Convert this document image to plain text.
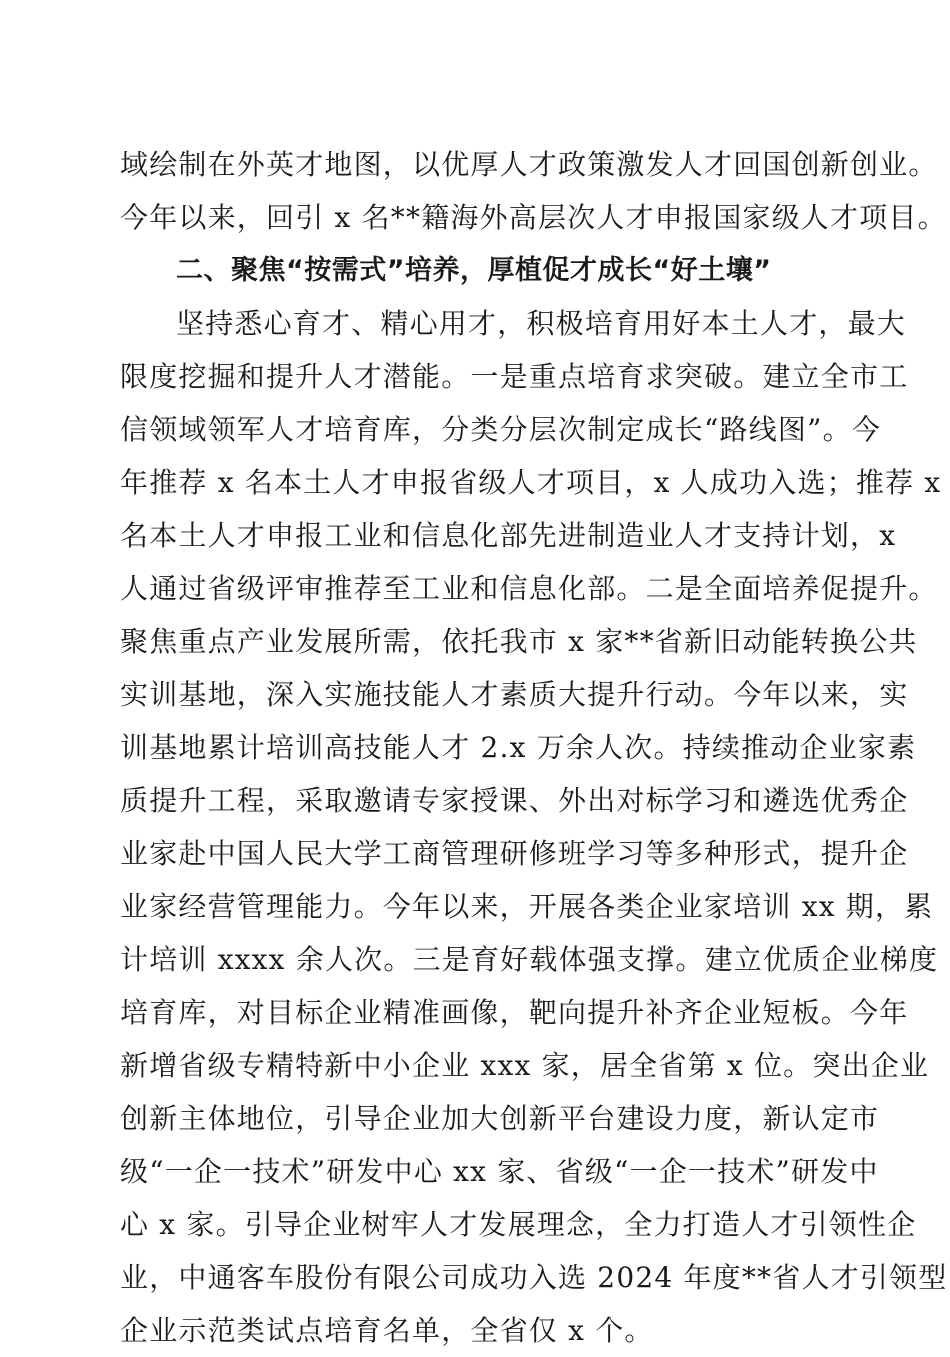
域绘制在外英才地图，以优厚人才政策激发人才回国创新创业。
今年以来，回引 x 名**籍海外高层次人才申报国家级人才项目。
二、聚焦“按需式”培养，厚植促才成长“好土壤”
坚持悉心育才、精心用才，积极培育用好本土人才，最大
限度挖掘和提升人才潜能。一是重点培育求突破。建立全市工
信领域领军人才培育库，分类分层次制定成长“路线图”。今
年推荐 x 名本土人才申报省级人才项目，x 人成功入选；推荐 x
名本土人才申报工业和信息化部先进制造业人才支持计划，x
人通过省级评审推荐至工业和信息化部。二是全面培养促提升。
聚焦重点产业发展所需，依托我市 x 家**省新旧动能转换公共
实训基地，深入实施技能人才素质大提升行动。今年以来，实
训基地累计培训高技能人才 2.x 万余人次。持续推动企业家素
质提升工程，采取邀请专家授课、外出对标学习和遴选优秀企
业家赴中国人民大学工商管理研修班学习等多种形式，提升企
业家经营管理能力。今年以来，开展各类企业家培训 xx 期，累
计培训 xxxx 余人次。三是育好载体强支撑。建立优质企业梯度
培育库，对目标企业精准画像，靶向提升补齐企业短板。今年
新增省级专精特新中小企业 xxx 家，居全省第 x 位。突出企业
创新主体地位，引导企业加大创新平台建设力度，新认定市
级“一企一技术”研发中心 xx 家、省级“一企一技术”研发中
心 x 家。引导企业树牢人才发展理念，全力打造人才引领性企
业，中通客车股份有限公司成功入选 2024 年度**省人才引领型
企业示范类试点培育名单，全省仅 x 个。
